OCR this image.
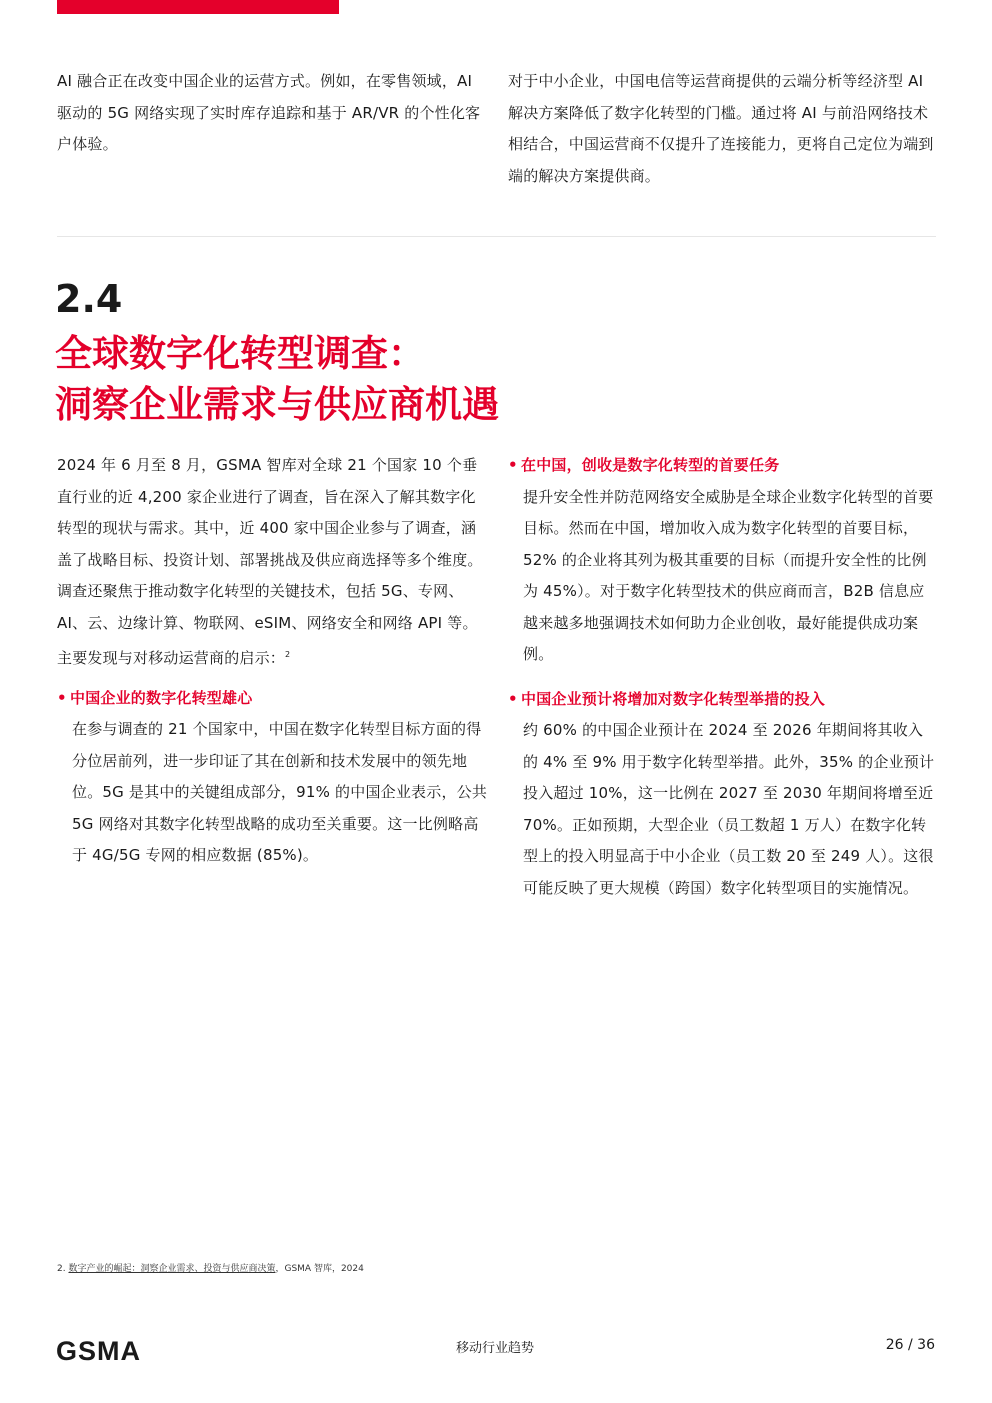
AI 融合正在改变中国企业的运营方式。例如，在零售领域，AI 驱动的 5G 网络实现了实时库存追踪和基于 AR/VR 的个性化客户体验。

对于中小企业，中国电信等运营商提供的云端分析等经济型 AI 解决方案降低了数字化转型的门槛。通过将 AI 与前沿网络技术相结合，中国运营商不仅提升了连接能力，更将自己定位为端到端的解决方案提供商。

2.4
全球数字化转型调查：
洞察企业需求与供应商机遇

2024 年 6 月至 8 月，GSMA 智库对全球 21 个国家 10 个垂直行业的近 4,200 家企业进行了调查，旨在深入了解其数字化转型的现状与需求。其中，近 400 家中国企业参与了调查，涵盖了战略目标、投资计划、部署挑战及供应商选择等多个维度。调查还聚焦于推动数字化转型的关键技术，包括 5G、专网、AI、云、边缘计算、物联网、eSIM、网络安全和网络 API 等。主要发现与对移动运营商的启示：$^2$

• 中国企业的数字化转型雄心

在参与调查的 21 个国家中，中国在数字化转型目标方面的得分位居前列，进一步印证了其在创新和技术发展中的领先地位。5G 是其中的关键组成部分，91% 的中国企业表示，公共 5G 网络对其数字化转型战略的成功至关重要。这一比例略高于 4G/5G 专网的相应数据 (85%)。

• 在中国，创收是数字化转型的首要任务

提升安全性并防范网络安全威胁是全球企业数字化转型的首要目标。然而在中国，增加收入成为数字化转型的首要目标，52% 的企业将其列为极其重要的目标（而提升安全性的比例为 45%）。对于数字化转型技术的供应商而言，B2B 信息应越来越多地强调技术如何助力企业创收，最好能提供成功案例。

• 中国企业预计将增加对数字化转型举措的投入

约 60% 的中国企业预计在 2024 至 2026 年期间将其收入的 4% 至 9% 用于数字化转型举措。此外，35% 的企业预计投入超过 10%，这一比例在 2027 至 2030 年期间将增至近 70%。正如预期，大型企业（员工数超 1 万人）在数字化转型上的投入明显高于中小企业（员工数 20 至 249 人）。这很可能反映了更大规模（跨国）数字化转型项目的实施情况。

2. 数字产业的崛起：洞察企业需求、投资与供应商决策，GSMA 智库，2024
GSMA	移动行业趋势	26 / 36
